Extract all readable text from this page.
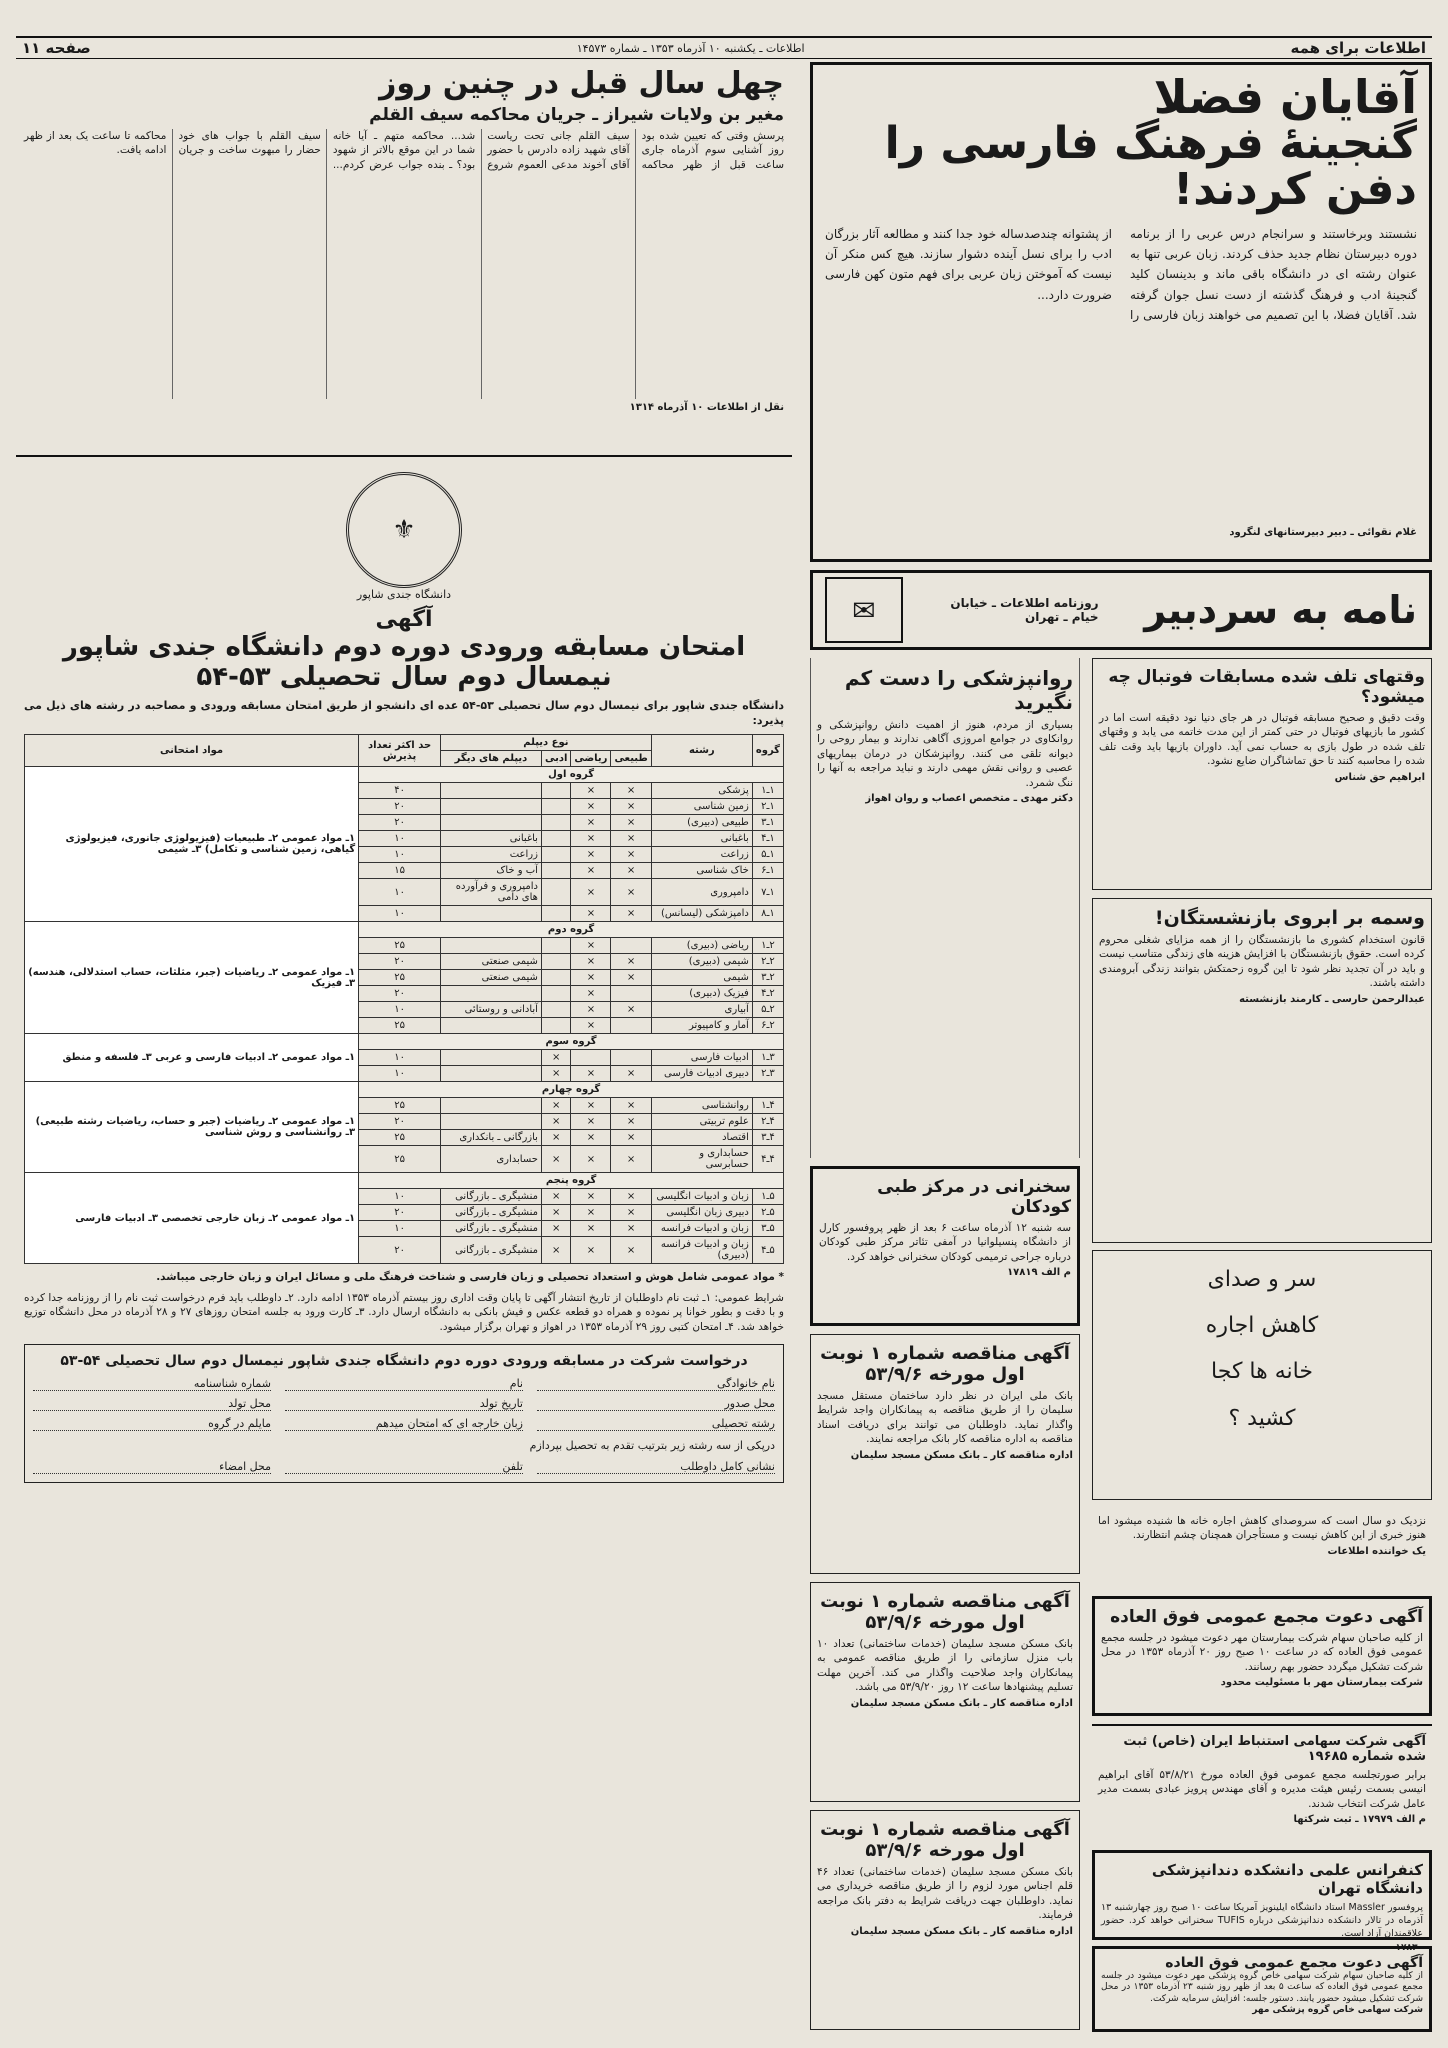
اطلاعات برای همه
اطلاعات ـ یکشنبه ۱۰ آذرماه ۱۳۵۳ ـ شماره ۱۴۵۷۳
صفحه ۱۱
آقایان فضلا
گنجینۀ فرهنگ فارسی را دفن کردند!

نشستند وبرخاستند و سرانجام درس عربی را از برنامه دوره دبیرستان نظام جدید حذف کردند. زبان عربی تنها به عنوان رشته ای در دانشگاه باقی ماند و بدینسان کلید گنجینۀ ادب و فرهنگ گذشته از دست نسل جوان گرفته شد. آقایان فضلا، با این تصمیم می خواهند زبان فارسی را از پشتوانه چندصدساله خود جدا کنند و مطالعه آثار بزرگان ادب را برای نسل آینده دشوار سازند. هیچ کس منکر آن نیست که آموختن زبان عربی برای فهم متون کهن فارسی ضرورت دارد...

غلام نقوائی ـ دبیر دبیرستانهای لنگرود
چهل سال قبل در چنین روز
مغیر بن ولایات شیراز ـ جریان محاکمه سیف القلم

پرسش وقتی که تعیین شده بود روز آشنایی سوم آذرماه جاری ساعت قبل از ظهر محاکمه سیف القلم جانی تحت ریاست آقای شهید زاده دادرس با حضور آقای آخوند مدعی العموم شروع شد... محاکمه متهم ـ آیا خانه شما در این موقع بالاتر از شهود بود؟ ـ بنده جواب عرض کردم... سیف القلم با جواب های خود حضار را مبهوت ساخت و جریان محاکمه تا ساعت یک بعد از ظهر ادامه یافت.

نقل از اطلاعات ۱۰ آذرماه ۱۳۱۴
⚜
دانشگاه جندی شاپور
آگهی
امتحان مسابقه ورودی دوره دوم دانشگاه جندی شاپور
نیمسال دوم سال تحصیلی ۵۳-۵۴

دانشگاه جندی شاپور برای نیمسال دوم سال تحصیلی ۵۳-۵۴ عده ای دانشجو از طریق امتحان مسابقه ورودی و مصاحبه در رشته های ذیل می پذیرد:

گروه	رشته	نوع دیپلم				حد اکثر تعداد پذیرش	مواد امتحانی
		طبیعی	ریاضی	ادبی	دیپلم های دیگر		
گروه اول							۱ـ مواد عمومی ۲ـ طبیعیات (فیزیولوژی جانوری، فیزیولوژی گیاهی، زمین شناسی و تکامل) ۳ـ شیمی
۱ـ۱	پزشکی	×	×			۴۰	
۱ـ۲	زمین شناسی	×	×			۲۰	
۱ـ۳	طبیعی (دبیری)	×	×			۲۰	
۱ـ۴	باغبانی	×	×		باغبانی	۱۰	
۱ـ۵	زراعت	×	×		زراعت	۱۰	
۱ـ۶	خاک شناسی	×	×		آب و خاک	۱۵	
۱ـ۷	دامپروری	×	×		دامپروری و فرآورده های دامی	۱۰	
۱ـ۸	دامپزشکی (لیسانس)	×	×			۱۰	
گروه دوم							۱ـ مواد عمومی ۲ـ ریاضیات (جبر، مثلثات، حساب استدلالی، هندسه) ۳ـ فیزیک
۲ـ۱	ریاضی (دبیری)		×			۲۵	
۲ـ۲	شیمی (دبیری)	×	×		شیمی صنعتی	۲۰	
۲ـ۳	شیمی	×	×		شیمی صنعتی	۲۵	
۲ـ۴	فیزیک (دبیری)		×			۲۰	
۲ـ۵	آبیاری	×	×		آبادانی و روستائی	۱۰	
۲ـ۶	آمار و کامپیوتر		×			۲۵	
گروه سوم							۱ـ مواد عمومی ۲ـ ادبیات فارسی و عربی ۳ـ فلسفه و منطق
۳ـ۱	ادبیات فارسی			×		۱۰	
۳ـ۲	دبیری ادبیات فارسی	×	×	×		۱۰	
گروه چهارم							۱ـ مواد عمومی ۲ـ ریاضیات (جبر و حساب، ریاضیات رشته طبیعی) ۳ـ روانشناسی و روش شناسی
۴ـ۱	روانشناسی	×	×	×		۲۵	
۴ـ۲	علوم تربیتی	×	×	×		۲۰	
۴ـ۳	اقتصاد	×	×	×	بازرگانی ـ بانکداری	۲۵	
۴ـ۴	حسابداری و حسابرسی	×	×	×	حسابداری	۲۵	
گروه پنجم							۱ـ مواد عمومی ۲ـ زبان خارجی تخصصی ۳ـ ادبیات فارسی
۵ـ۱	زبان و ادبیات انگلیسی	×	×	×	منشیگری ـ بازرگانی	۱۰	
۵ـ۲	دبیری زبان انگلیسی	×	×	×	منشیگری ـ بازرگانی	۲۰	
۵ـ۳	زبان و ادبیات فرانسه	×	×	×	منشیگری ـ بازرگانی	۱۰	
۵ـ۴	زبان و ادبیات فرانسه (دبیری)	×	×	×	منشیگری ـ بازرگانی	۲۰	

* مواد عمومی شامل هوش و استعداد تحصیلی و زبان فارسی و شناخت فرهنگ ملی و مسائل ایران و زبان خارجی میباشد.

شرایط عمومی: ۱ـ ثبت نام داوطلبان از تاریخ انتشار آگهی تا پایان وقت اداری روز بیستم آذرماه ۱۳۵۳ ادامه دارد. ۲ـ داوطلب باید فرم درخواست ثبت نام را از روزنامه جدا کرده و با دقت و بطور خوانا پر نموده و همراه دو قطعه عکس و فیش بانکی به دانشگاه ارسال دارد. ۳ـ کارت ورود به جلسه امتحان روزهای ۲۷ و ۲۸ آذرماه در محل دانشگاه توزیع خواهد شد. ۴ـ امتحان کتبی روز ۲۹ آذرماه ۱۳۵۳ در اهواز و تهران برگزار میشود.

درخواست شرکت در مسابقه ورودی دوره دوم دانشگاه جندی شاپور نیمسال دوم سال تحصیلی ۵۴-۵۳
نام خانوادگی
نام
شماره شناسنامه
محل صدور
تاریخ تولد
محل تولد
رشته تحصیلی
زبان خارجه ای که امتحان میدهم
مایلم در گروه
درپکی از سه رشته زیر بترتیب تقدم به تحصیل بپردازم
نشانی کامل داوطلب
تلفن
محل امضاء
نامه به سردبیر
روزنامه اطلاعات ـ خیابان خیام ـ تهران
✉
وقتهای تلف شده مسابقات فوتبال چه میشود؟

وقت دقیق و صحیح مسابقه فوتبال در هر جای دنیا نود دقیقه است اما در کشور ما بازیهای فوتبال در حتی کمتر از این مدت خاتمه می یابد و وقتهای تلف شده در طول بازی به حساب نمی آید. داوران بازیها باید وقت تلف شده را محاسبه کنند تا حق تماشاگران ضایع نشود.

ابراهیم حق شناس
روانپزشکی را دست کم نگیرید

بسیاری از مردم، هنوز از اهمیت دانش روانپزشکی و روانکاوی در جوامع امروزی آگاهی ندارند و بیمار روحی را دیوانه تلقی می کنند. روانپزشکان در درمان بیماریهای عصبی و روانی نقش مهمی دارند و نباید مراجعه به آنها را ننگ شمرد.

دکتر مهدی ـ متخصص اعصاب و روان اهواز
وسمه بر ابروی بازنشستگان!

قانون استخدام کشوری ما بازنشستگان را از همه مزایای شغلی محروم کرده است. حقوق بازنشستگان با افزایش هزینه های زندگی متناسب نیست و باید در آن تجدید نظر شود تا این گروه زحمتکش بتوانند زندگی آبرومندی داشته باشند.

عبدالرحمن حارسی ـ کارمند بازنشسته
سر و صدای
کاهش اجاره
خانه ها کجا
کشید ؟

نزدیک دو سال است که سروصدای کاهش اجاره خانه ها شنیده میشود اما هنوز خبری از این کاهش نیست و مستأجران همچنان چشم انتظارند.

یک خواننده اطلاعات
سخنرانی در مرکز طبی کودکان

سه شنبه ۱۲ آذرماه ساعت ۶ بعد از ظهر پروفسور کارل از دانشگاه پنسیلوانیا در آمفی تئاتر مرکز طبی کودکان درباره جراحی ترمیمی کودکان سخنرانی خواهد کرد.

م الف ۱۷۸۱۹
آگهی مناقصه شماره ۱ نوبت اول مورخه ۵۳/۹/۶

بانک ملی ایران در نظر دارد ساختمان مستقل مسجد سلیمان را از طریق مناقصه به پیمانکاران واجد شرایط واگذار نماید. داوطلبان می توانند برای دریافت اسناد مناقصه به اداره مناقصه کار بانک مراجعه نمایند.

اداره مناقصه کار ـ بانک مسکن مسجد سلیمان
آگهی مناقصه شماره ۱ نوبت اول مورخه ۵۳/۹/۶

بانک مسکن مسجد سلیمان (خدمات ساختمانی) تعداد ۱۰ باب منزل سازمانی را از طریق مناقصه عمومی به پیمانکاران واجد صلاحیت واگذار می کند. آخرین مهلت تسلیم پیشنهادها ساعت ۱۲ روز ۵۳/۹/۲۰ می باشد.

اداره مناقصه کار ـ بانک مسکن مسجد سلیمان
آگهی مناقصه شماره ۱ نوبت اول مورخه ۵۳/۹/۶

بانک مسکن مسجد سلیمان (خدمات ساختمانی) تعداد ۴۶ قلم اجناس مورد لزوم را از طریق مناقصه خریداری می نماید. داوطلبان جهت دریافت شرایط به دفتر بانک مراجعه فرمایند.

اداره مناقصه کار ـ بانک مسکن مسجد سلیمان
آگهی دعوت مجمع عمومی فوق العاده

از کلیه صاحبان سهام شرکت بیمارستان مهر دعوت میشود در جلسه مجمع عمومی فوق العاده که در ساعت ۱۰ صبح روز ۲۰ آذرماه ۱۳۵۳ در محل شرکت تشکیل میگردد حضور بهم رسانند.

شرکت بیمارستان مهر با مسئولیت محدود
آگهی شرکت سهامی استنباط ایران (خاص) ثبت شده شماره ۱۹۶۸۵

برابر صورتجلسه مجمع عمومی فوق العاده مورخ ۵۳/۸/۲۱ آقای ابراهیم انیسی بسمت رئیس هیئت مدیره و آقای مهندس پرویز عبادی بسمت مدیر عامل شرکت انتخاب شدند.

م الف ۱۷۹۷۹ ـ ثبت شرکتها
کنفرانس علمی دانشکده دندانپزشکی دانشگاه تهران

پروفسور Massler استاد دانشگاه ایلینویز آمریکا ساعت ۱۰ صبح روز چهارشنبه ۱۳ آذرماه در تالار دانشکده دندانپزشکی درباره TUFIS سخنرانی خواهد کرد. حضور علاقمندان آزاد است.

۱۷۸۳۰
آگهی دعوت مجمع عمومی فوق العاده

از کلیه صاحبان سهام شرکت سهامی خاص گروه پزشکی مهر دعوت میشود در جلسه مجمع عمومی فوق العاده که ساعت ۵ بعد از ظهر روز شنبه ۲۳ آذرماه ۱۳۵۳ در محل شرکت تشکیل میشود حضور یابند. دستور جلسه: افزایش سرمایه شرکت.

شرکت سهامی خاص گروه پزشکی مهر
